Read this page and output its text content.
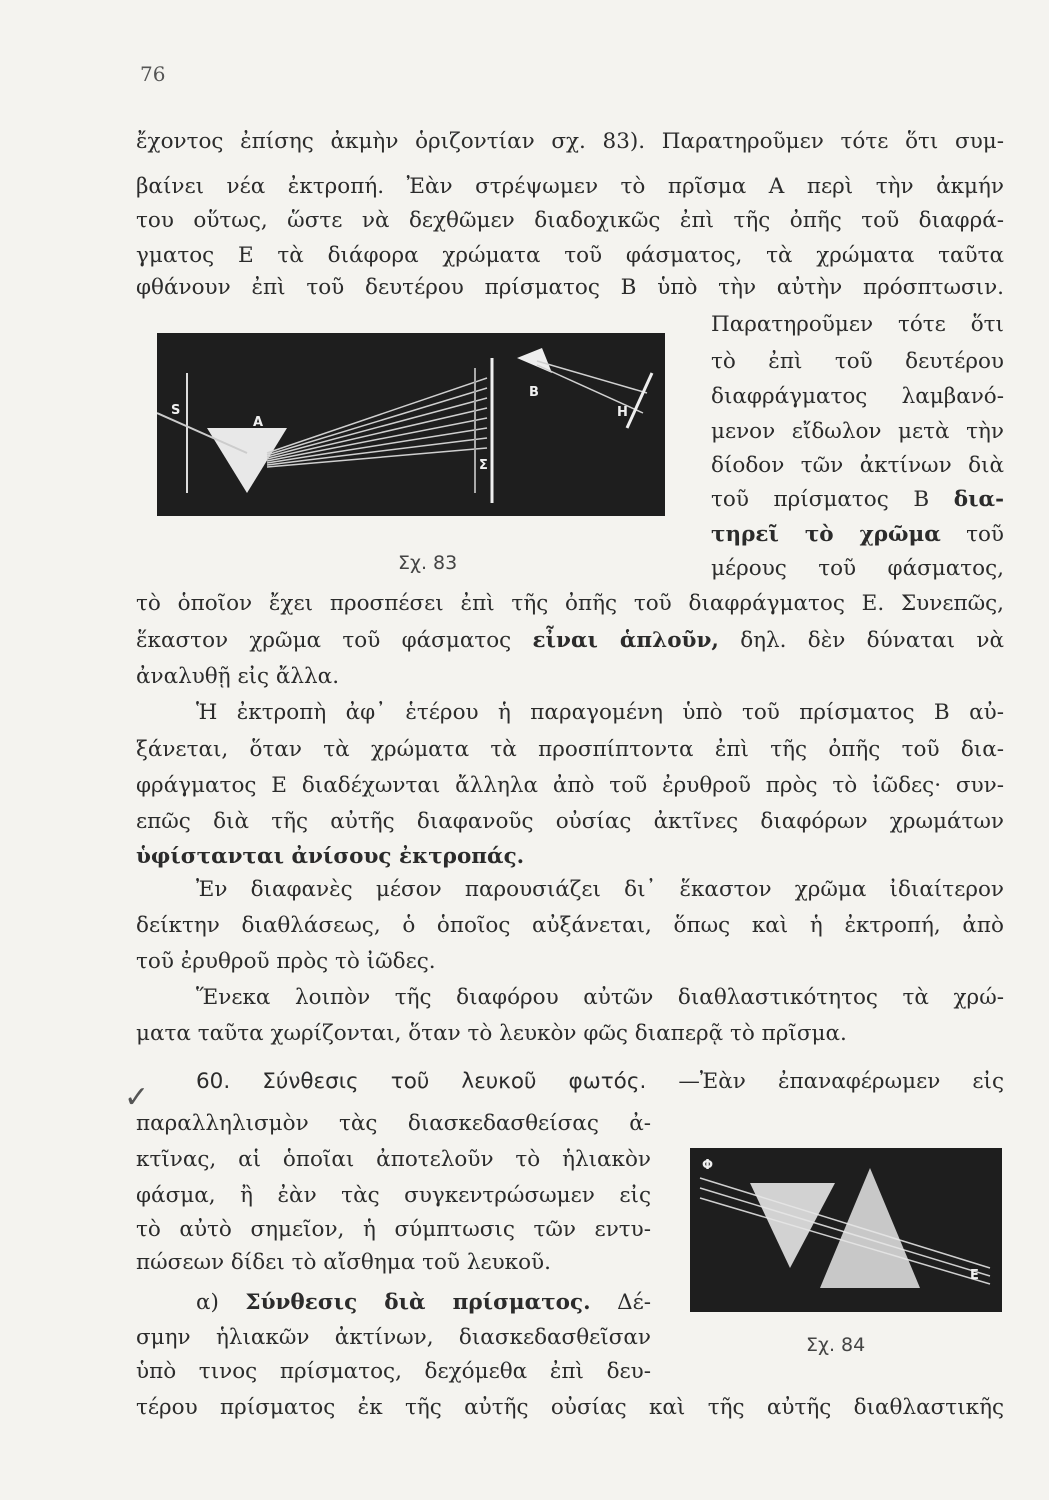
76
ἔχοντος ἐπίσης ἀκμὴν ὁριζοντίαν σχ. 83). Παρατηροῦμεν τότε ὅτι συμ-
βαίνει νέα ἐκτροπή. Ἐὰν στρέψωμεν τὸ πρῖσμα Α περὶ τὴν ἀκμήν
του οὕτως, ὥστε νὰ δεχθῶμεν διαδοχικῶς ἐπὶ τῆς ὀπῆς τοῦ διαφρά-
γματος Ε τὰ διάφορα χρώματα τοῦ φάσματος, τὰ χρώματα ταῦτα
φθάνουν ἐπὶ τοῦ δευτέρου πρίσματος Β ὑπὸ τὴν αὐτὴν πρόσπτωσιν.
Παρατηροῦμεν τότε ὅτι
τὸ ἐπὶ τοῦ δευτέρου
διαφράγματος λαμβανό-
μενον εἴδωλον μετὰ τὴν
δίοδον τῶν ἀκτίνων διὰ
τοῦ πρίσματος Β δια-
τηρεῖ τὸ χρῶμα τοῦ
μέρους τοῦ φάσματος,
S
A
B
H
Σ
Σχ. 83
τὸ ὁποῖον ἔχει προσπέσει ἐπὶ τῆς ὀπῆς τοῦ διαφράγματος Ε. Συνεπῶς,
ἕκαστον χρῶμα τοῦ φάσματος εἶναι ἁπλοῦν, δηλ. δὲν δύναται νὰ
ἀναλυθῇ εἰς ἄλλα.
Ἡ ἐκτροπὴ ἀφ᾽ ἑτέρου ἡ παραγομένη ὑπὸ τοῦ πρίσματος Β αὐ-
ξάνεται, ὅταν τὰ χρώματα τὰ προσπίπτοντα ἐπὶ τῆς ὀπῆς τοῦ δια-
φράγματος Ε διαδέχωνται ἄλληλα ἀπὸ τοῦ ἐρυθροῦ πρὸς τὸ ἰῶδες· συν-
επῶς διὰ τῆς αὐτῆς διαφανοῦς οὐσίας ἀκτῖνες διαφόρων χρωμάτων
ὑφίστανται ἀνίσους ἐκτροπάς.
Ἐν διαφανὲς μέσον παρουσιάζει δι᾽ ἕκαστον χρῶμα ἰδιαίτερον
δείκτην διαθλάσεως, ὁ ὁποῖος αὐξάνεται, ὅπως καὶ ἡ ἐκτροπή, ἀπὸ
τοῦ ἐρυθροῦ πρὸς τὸ ἰῶδες.
Ἕνεκα λοιπὸν τῆς διαφόρου αὐτῶν διαθλαστικότητος τὰ χρώ-
ματα ταῦτα χωρίζονται, ὅταν τὸ λευκὸν φῶς διαπερᾷ τὸ πρῖσμα.
✓	60. Σύνθεσις τοῦ λευκοῦ φωτός. —Ἐὰν ἐπαναφέρωμεν εἰς
παραλληλισμὸν τὰς διασκεδασθείσας ἀ-
κτῖνας, αἱ ὁποῖαι ἀποτελοῦν τὸ ἡλιακὸν
φάσμα, ἢ ἐὰν τὰς συγκεντρώσωμεν εἰς
τὸ αὐτὸ σημεῖον, ἡ σύμπτωσις τῶν εντυ-
πώσεων δίδει τὸ αἴσθημα τοῦ λευκοῦ.
α) Σύνθεσις διὰ πρίσματος. Δέ-
σμην ἡλιακῶν ἀκτίνων, διασκεδασθεῖσαν
ὑπὸ τινος πρίσματος, δεχόμεθα ἐπὶ δευ-
Φ
E
Σχ. 84
τέρου πρίσματος ἐκ τῆς αὐτῆς οὐσίας καὶ τῆς αὐτῆς διαθλαστικῆς
